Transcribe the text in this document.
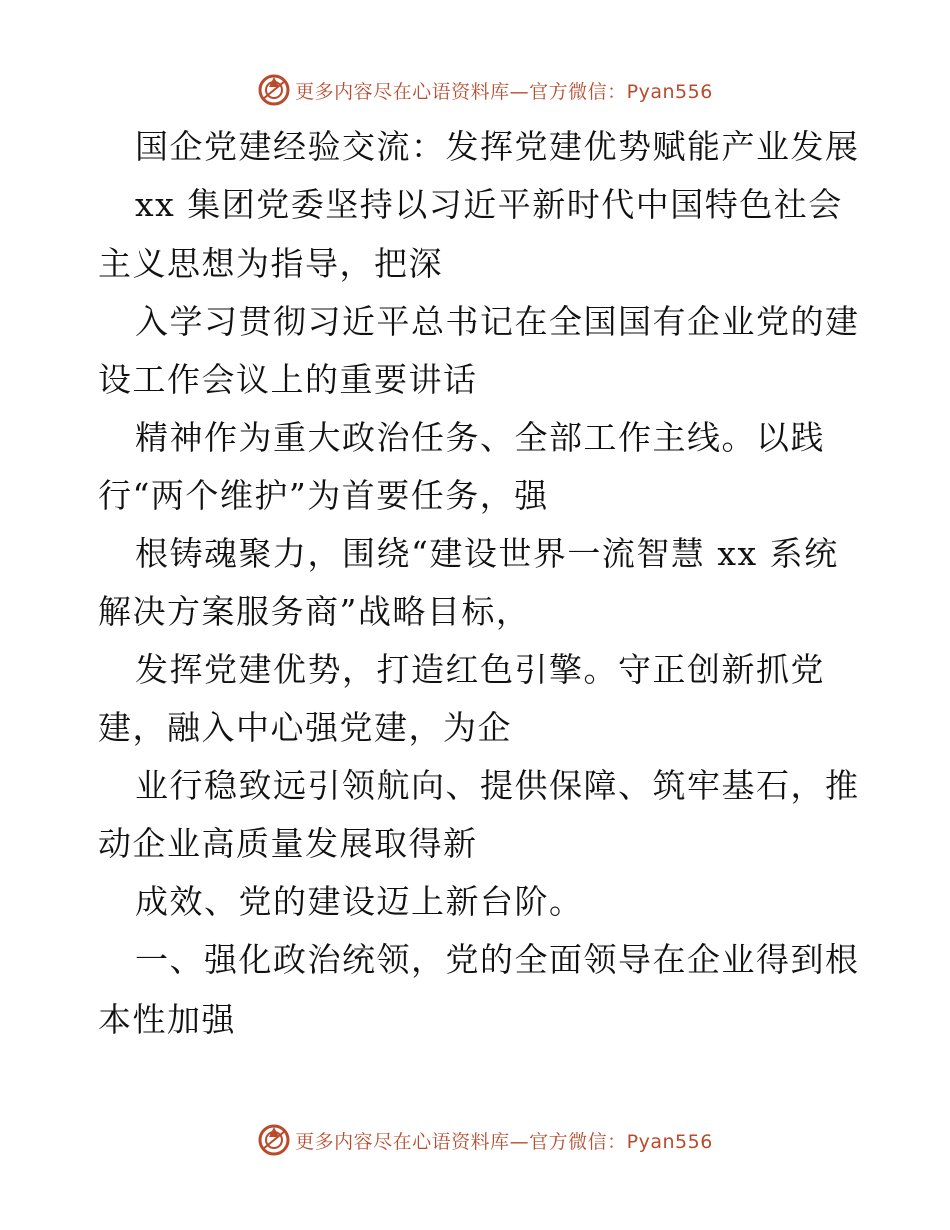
更多内容尽在心语资料库—官方微信：Pyan556
国企党建经验交流：发挥党建优势赋能产业发展
xx 集团党委坚持以习近平新时代中国特色社会
主义思想为指导，把深
入学习贯彻习近平总书记在全国国有企业党的建
设工作会议上的重要讲话
精神作为重大政治任务、全部工作主线。以践
行“两个维护”为首要任务，强
根铸魂聚力，围绕“建设世界一流智慧 xx 系统
解决方案服务商”战略目标，
发挥党建优势，打造红色引擎。守正创新抓党
建，融入中心强党建，为企
业行稳致远引领航向、提供保障、筑牢基石，推
动企业高质量发展取得新
成效、党的建设迈上新台阶。
一、强化政治统领，党的全面领导在企业得到根
本性加强
更多内容尽在心语资料库—官方微信：Pyan556
